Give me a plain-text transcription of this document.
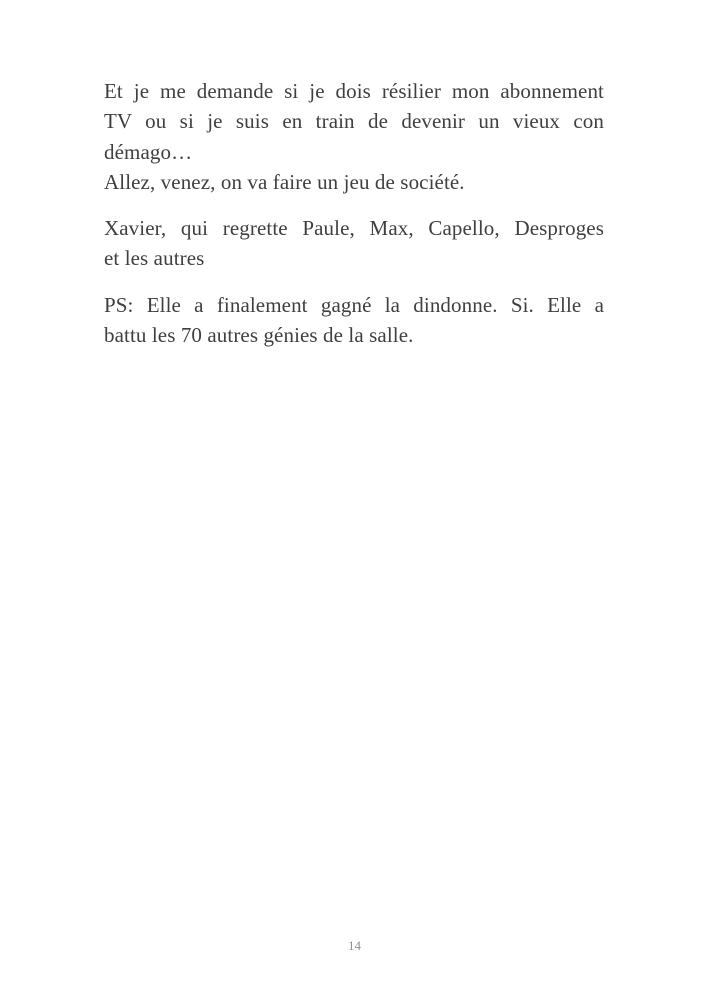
Et je me demande si je dois résilier mon abonnement
TV ou si je suis en train de devenir un vieux con
démago…
Allez, venez, on va faire un jeu de société.

Xavier, qui regrette Paule, Max, Capello, Desproges
et les autres

PS: Elle a finalement gagné la dindonne. Si. Elle a
battu les 70 autres génies de la salle.

14
